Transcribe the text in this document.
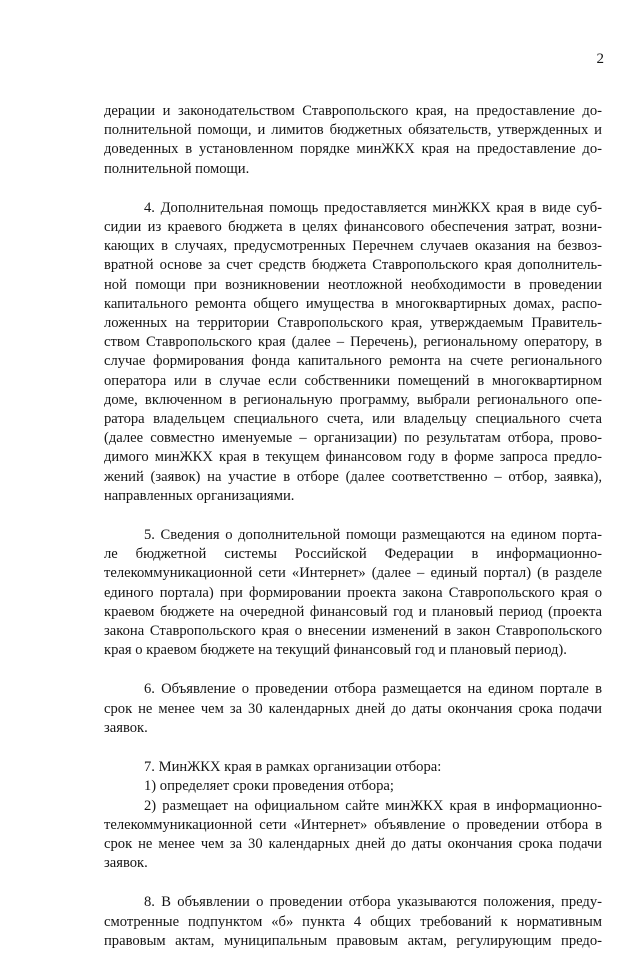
2
дерации и законодательством Ставропольского края, на предоставление до-
полнительной помощи, и лимитов бюджетных обязательств, утвержденных и
доведенных в установленном порядке минЖКХ края на предоставление до-
полнительной помощи.
4. Дополнительная помощь предоставляется минЖКХ края в виде суб-
сидии из краевого бюджета в целях финансового обеспечения затрат, возни-
кающих в случаях, предусмотренных Перечнем случаев оказания на безвоз-
вратной основе за счет средств бюджета Ставропольского края дополнитель-
ной помощи при возникновении неотложной необходимости в проведении
капитального ремонта общего имущества в многоквартирных домах, распо-
ложенных на территории Ставропольского края, утверждаемым Правитель-
ством Ставропольского края (далее – Перечень), региональному оператору, в
случае формирования фонда капитального ремонта на счете регионального
оператора или в случае если собственники помещений в многоквартирном
доме, включенном в региональную программу, выбрали регионального опе-
ратора владельцем специального счета, или владельцу специального счета
(далее совместно именуемые – организации) по результатам отбора, прово-
димого минЖКХ края в текущем финансовом году в форме запроса предло-
жений (заявок) на участие в отборе (далее соответственно – отбор, заявка),
направленных организациями.
5. Сведения о дополнительной помощи размещаются на едином порта-
ле бюджетной системы Российской Федерации в информационно-
телекоммуникационной сети «Интернет» (далее – единый портал) (в разделе
единого портала) при формировании проекта закона Ставропольского края о
краевом бюджете на очередной финансовый год и плановый период (проекта
закона Ставропольского края о внесении изменений в закон Ставропольского
края о краевом бюджете на текущий финансовый год и плановый период).
6. Объявление о проведении отбора размещается на едином портале в
срок не менее чем за 30 календарных дней до даты окончания срока подачи
заявок.
7. МинЖКХ края в рамках организации отбора:
1) определяет сроки проведения отбора;
2) размещает на официальном сайте минЖКХ края в информационно-
телекоммуникационной сети «Интернет» объявление о проведении отбора в
срок не менее чем за 30 календарных дней до даты окончания срока подачи
заявок.
8. В объявлении о проведении отбора указываются положения, преду-
смотренные подпунктом «б» пункта 4 общих требований к нормативным
правовым актам, муниципальным правовым актам, регулирующим предо-
